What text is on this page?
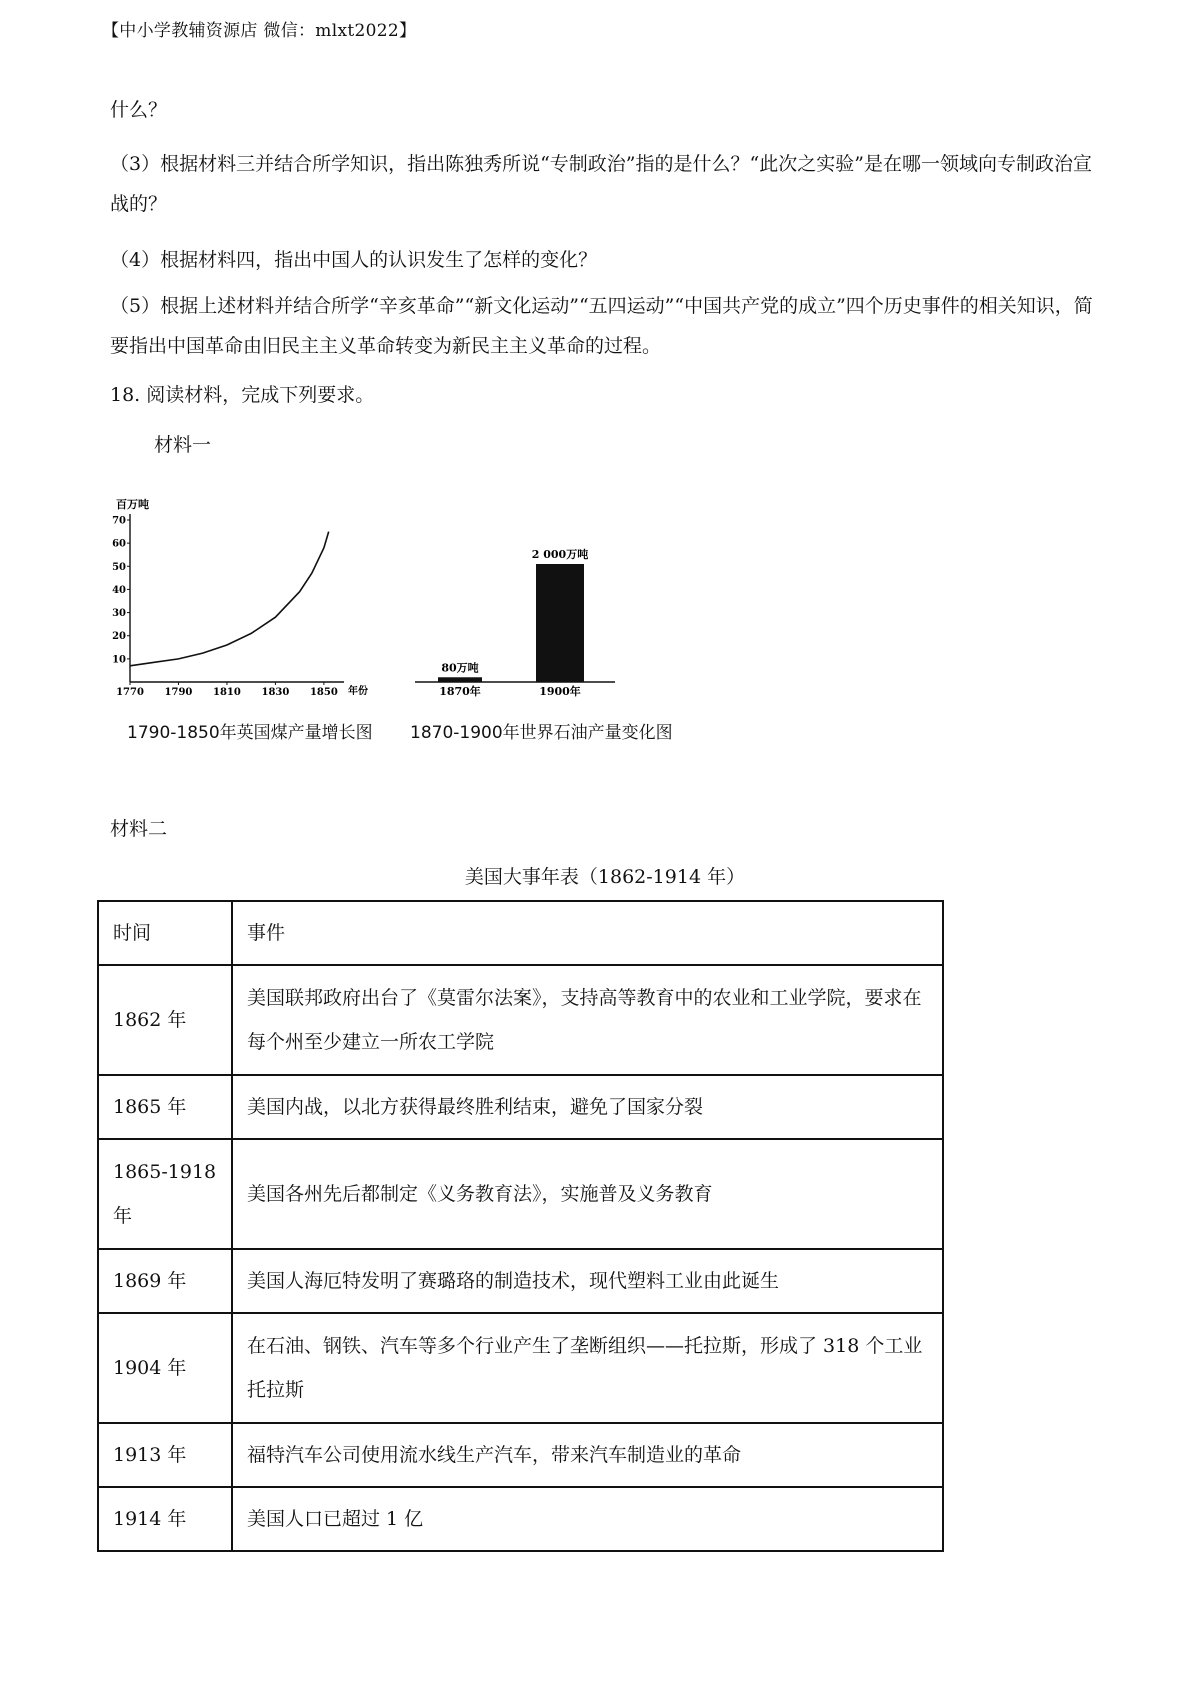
【中小学教辅资源店 微信：mlxt2022】
什么？
（3）根据材料三并结合所学知识，指出陈独秀所说“专制政治”指的是什么？“此次之实验”是在哪一领域向专制政治宣战的？
（4）根据材料四，指出中国人的认识发生了怎样的变化？
（5）根据上述材料并结合所学“辛亥革命”“新文化运动”“五四运动”“中国共产党的成立”四个历史事件的相关知识，简要指出中国革命由旧民主主义革命转变为新民主主义革命的过程。
18. 阅读材料，完成下列要求。
材料一
百万吨
10
20
30
40
50
60
70
1770 1790 1810 1830 1850 年份
1790-1850年英国煤产量增长图
80万吨
1870年
2 000万吨
1900年
1870-1900年世界石油产量变化图
材料二
美国大事年表（1862-1914 年）
时间	事件
1862 年	美国联邦政府出台了《莫雷尔法案》，支持高等教育中的农业和工业学院，要求在每个州至少建立一所农工学院
1865 年	美国内战，以北方获得最终胜利结束，避免了国家分裂
1865-1918 年	美国各州先后都制定《义务教育法》，实施普及义务教育
1869 年	美国人海厄特发明了赛璐珞的制造技术，现代塑料工业由此诞生
1904 年	在石油、钢铁、汽车等多个行业产生了垄断组织——托拉斯，形成了 318 个工业托拉斯
1913 年	福特汽车公司使用流水线生产汽车，带来汽车制造业的革命
1914 年	美国人口已超过 1 亿
